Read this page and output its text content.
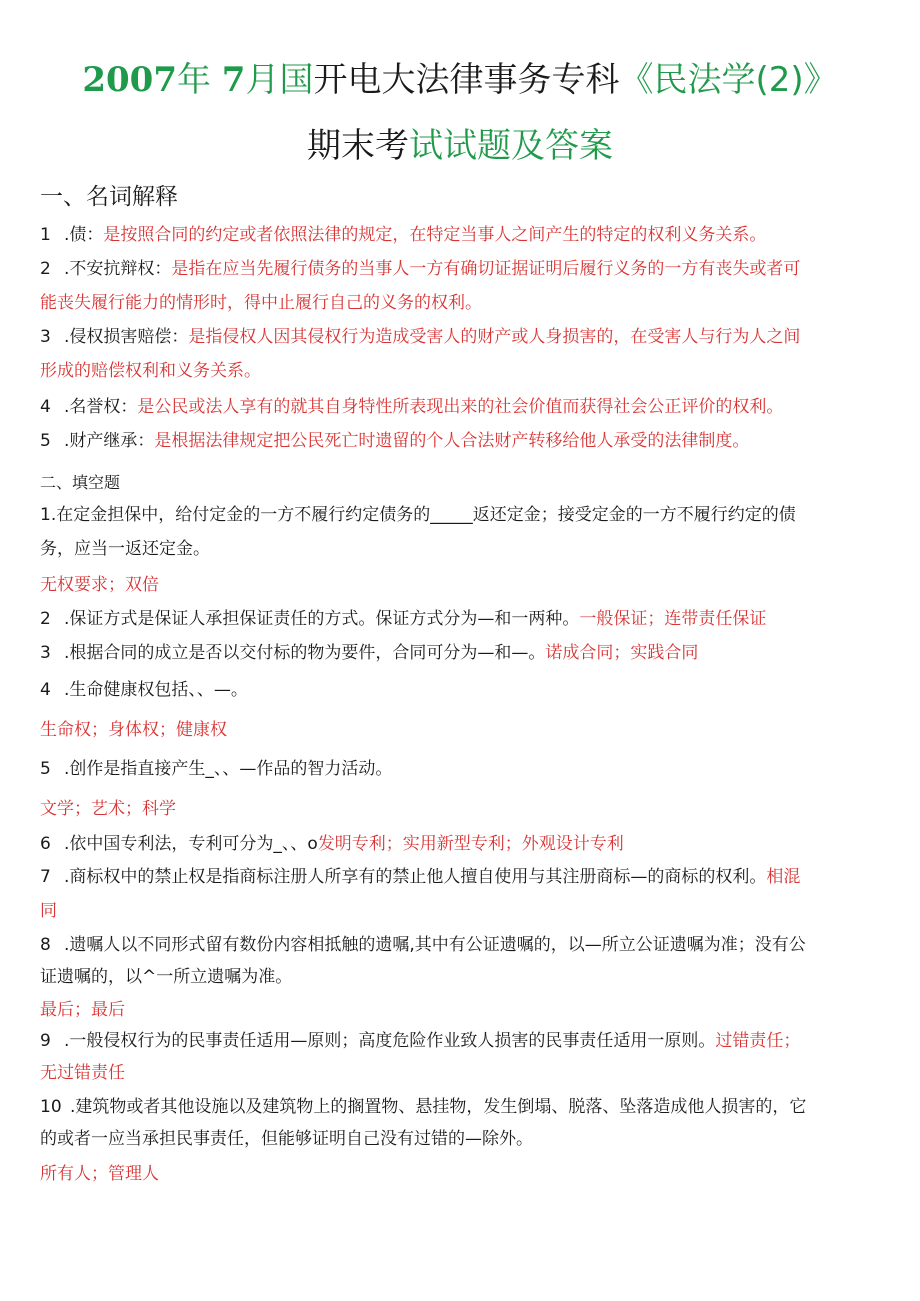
2007年 7月国开电大法律事务专科《民法学(2)》
期末考试试题及答案
一、名词解释
1 .债：是按照合同的约定或者依照法律的规定，在特定当事人之间产生的特定的权利义务关系。
2 .不安抗辩权：是指在应当先履行债务的当事人一方有确切证据证明后履行义务的一方有丧失或者可
能丧失履行能力的情形时，得中止履行自己的义务的权利。
3 .侵权损害赔偿：是指侵权人因其侵权行为造成受害人的财产或人身损害的，在受害人与行为人之间
形成的赔偿权利和义务关系。
4 .名誉权：是公民或法人享有的就其自身特性所表现出来的社会价值而获得社会公正评价的权利。
5 .财产继承：是根据法律规定把公民死亡时遗留的个人合法财产转移给他人承受的法律制度。
二、填空题
1.在定金担保中，给付定金的一方不履行约定债务的_____返还定金；接受定金的一方不履行约定的债
务，应当一返还定金。
无权要求；双倍
2 .保证方式是保证人承担保证责任的方式。保证方式分为—和一两种。一般保证；连带责任保证
3 .根据合同的成立是否以交付标的物为要件，合同可分为—和—。诺成合同；实践合同
4 .生命健康权包括、、—。
生命权；身体权；健康权
5 .创作是指直接产生_、、—作品的智力活动。
文学；艺术；科学
6 .依中国专利法，专利可分为_、、o发明专利；实用新型专利；外观设计专利
7 .商标权中的禁止权是指商标注册人所享有的禁止他人擅自使用与其注册商标—的商标的权利。相混
同
8 .遗嘱人以不同形式留有数份内容相抵触的遗嘱,其中有公证遗嘱的，以—所立公证遗嘱为准；没有公
证遗嘱的，以^一所立遗嘱为准。
最后；最后
9 .一般侵权行为的民事责任适用—原则；高度危险作业致人损害的民事责任适用一原则。过错责任；
无过错责任
10 .建筑物或者其他设施以及建筑物上的搁置物、悬挂物，发生倒塌、脱落、坠落造成他人损害的，它
的或者一应当承担民事责任，但能够证明自己没有过错的—除外。
所有人；管理人
